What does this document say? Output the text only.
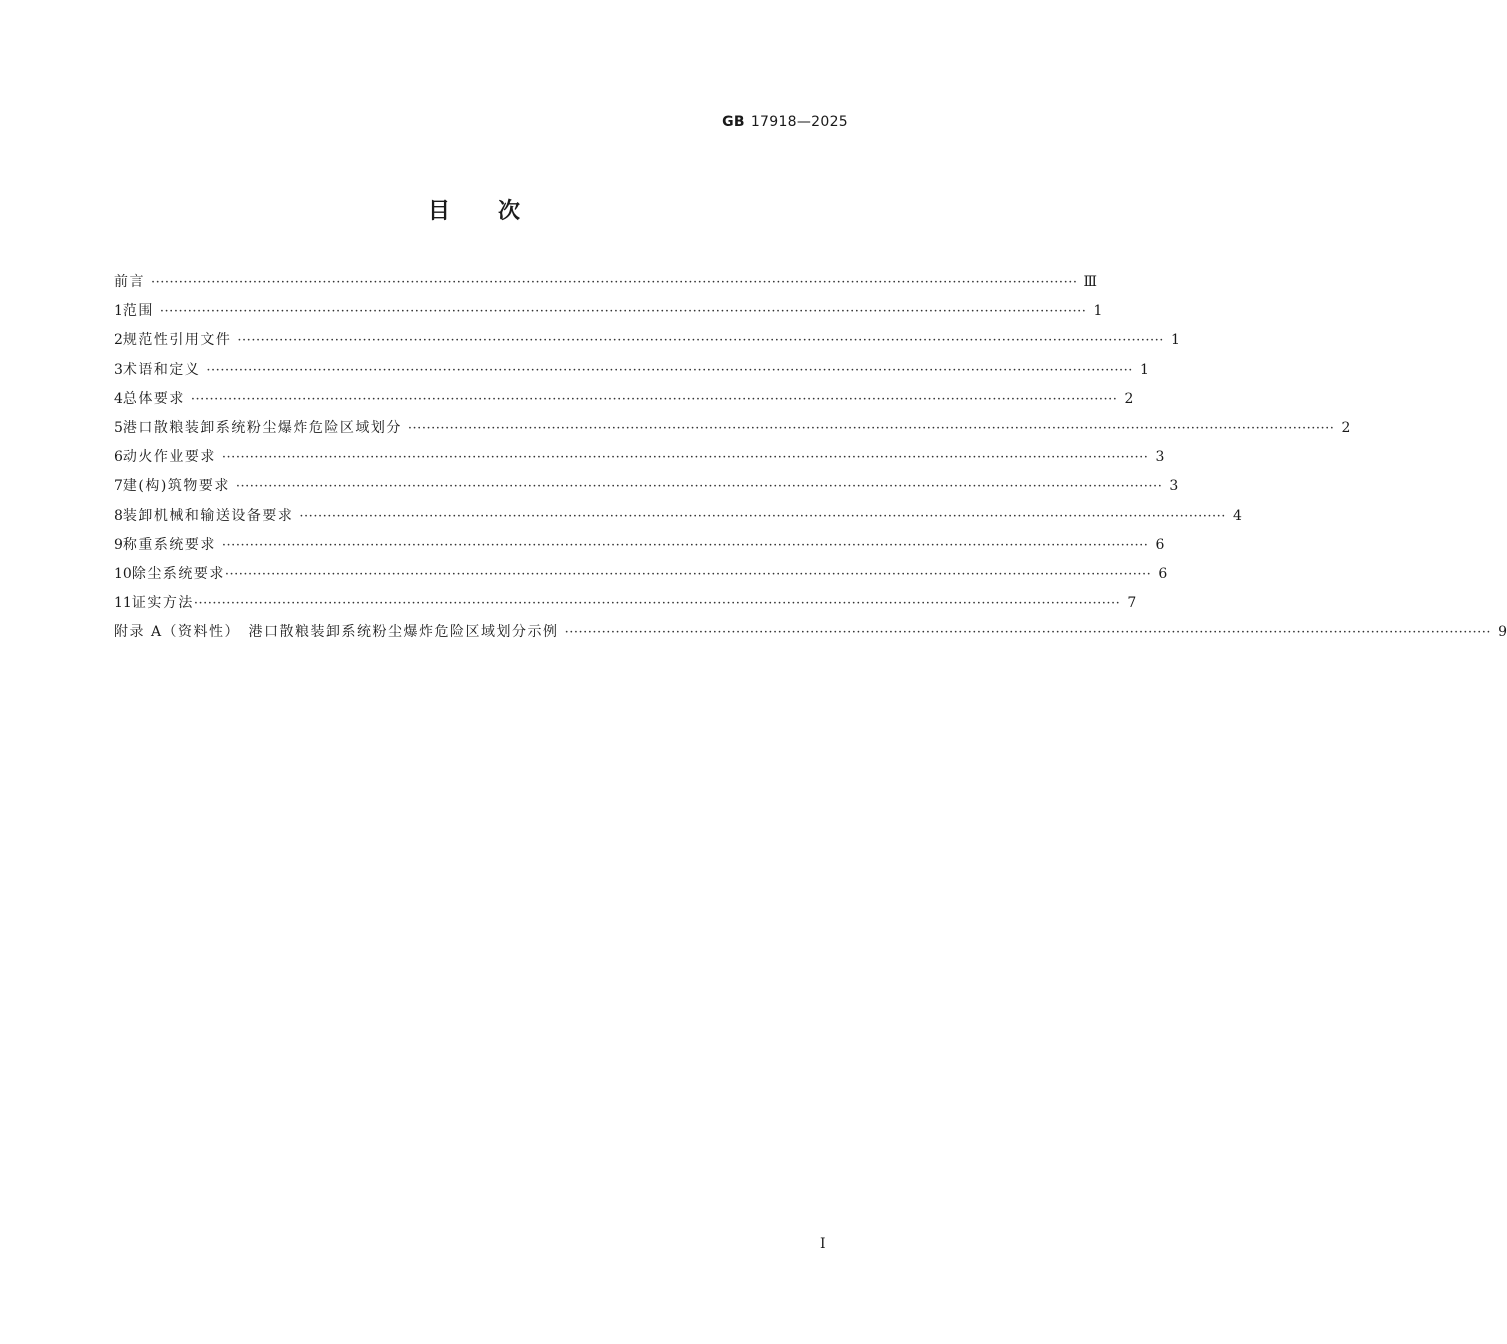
GB 17918—2025
目 次
前言 ········································································································································································································ Ⅲ
1 范围 ········································································································································································································ 1
2 规范性引用文件 ········································································································································································································ 1
3 术语和定义 ········································································································································································································ 1
4 总体要求 ········································································································································································································ 2
5 港口散粮装卸系统粉尘爆炸危险区域划分 ········································································································································································································ 2
6 动火作业要求 ········································································································································································································ 3
7 建(构)筑物要求 ········································································································································································································ 3
8 装卸机械和输送设备要求 ········································································································································································································ 4
9 称重系统要求 ········································································································································································································ 6
10 除尘系统要求 ········································································································································································································ 6
11 证实方法 ········································································································································································································ 7
附录 A（资料性）　港口散粮装卸系统粉尘爆炸危险区域划分示例 ········································································································································································································ 9
I
